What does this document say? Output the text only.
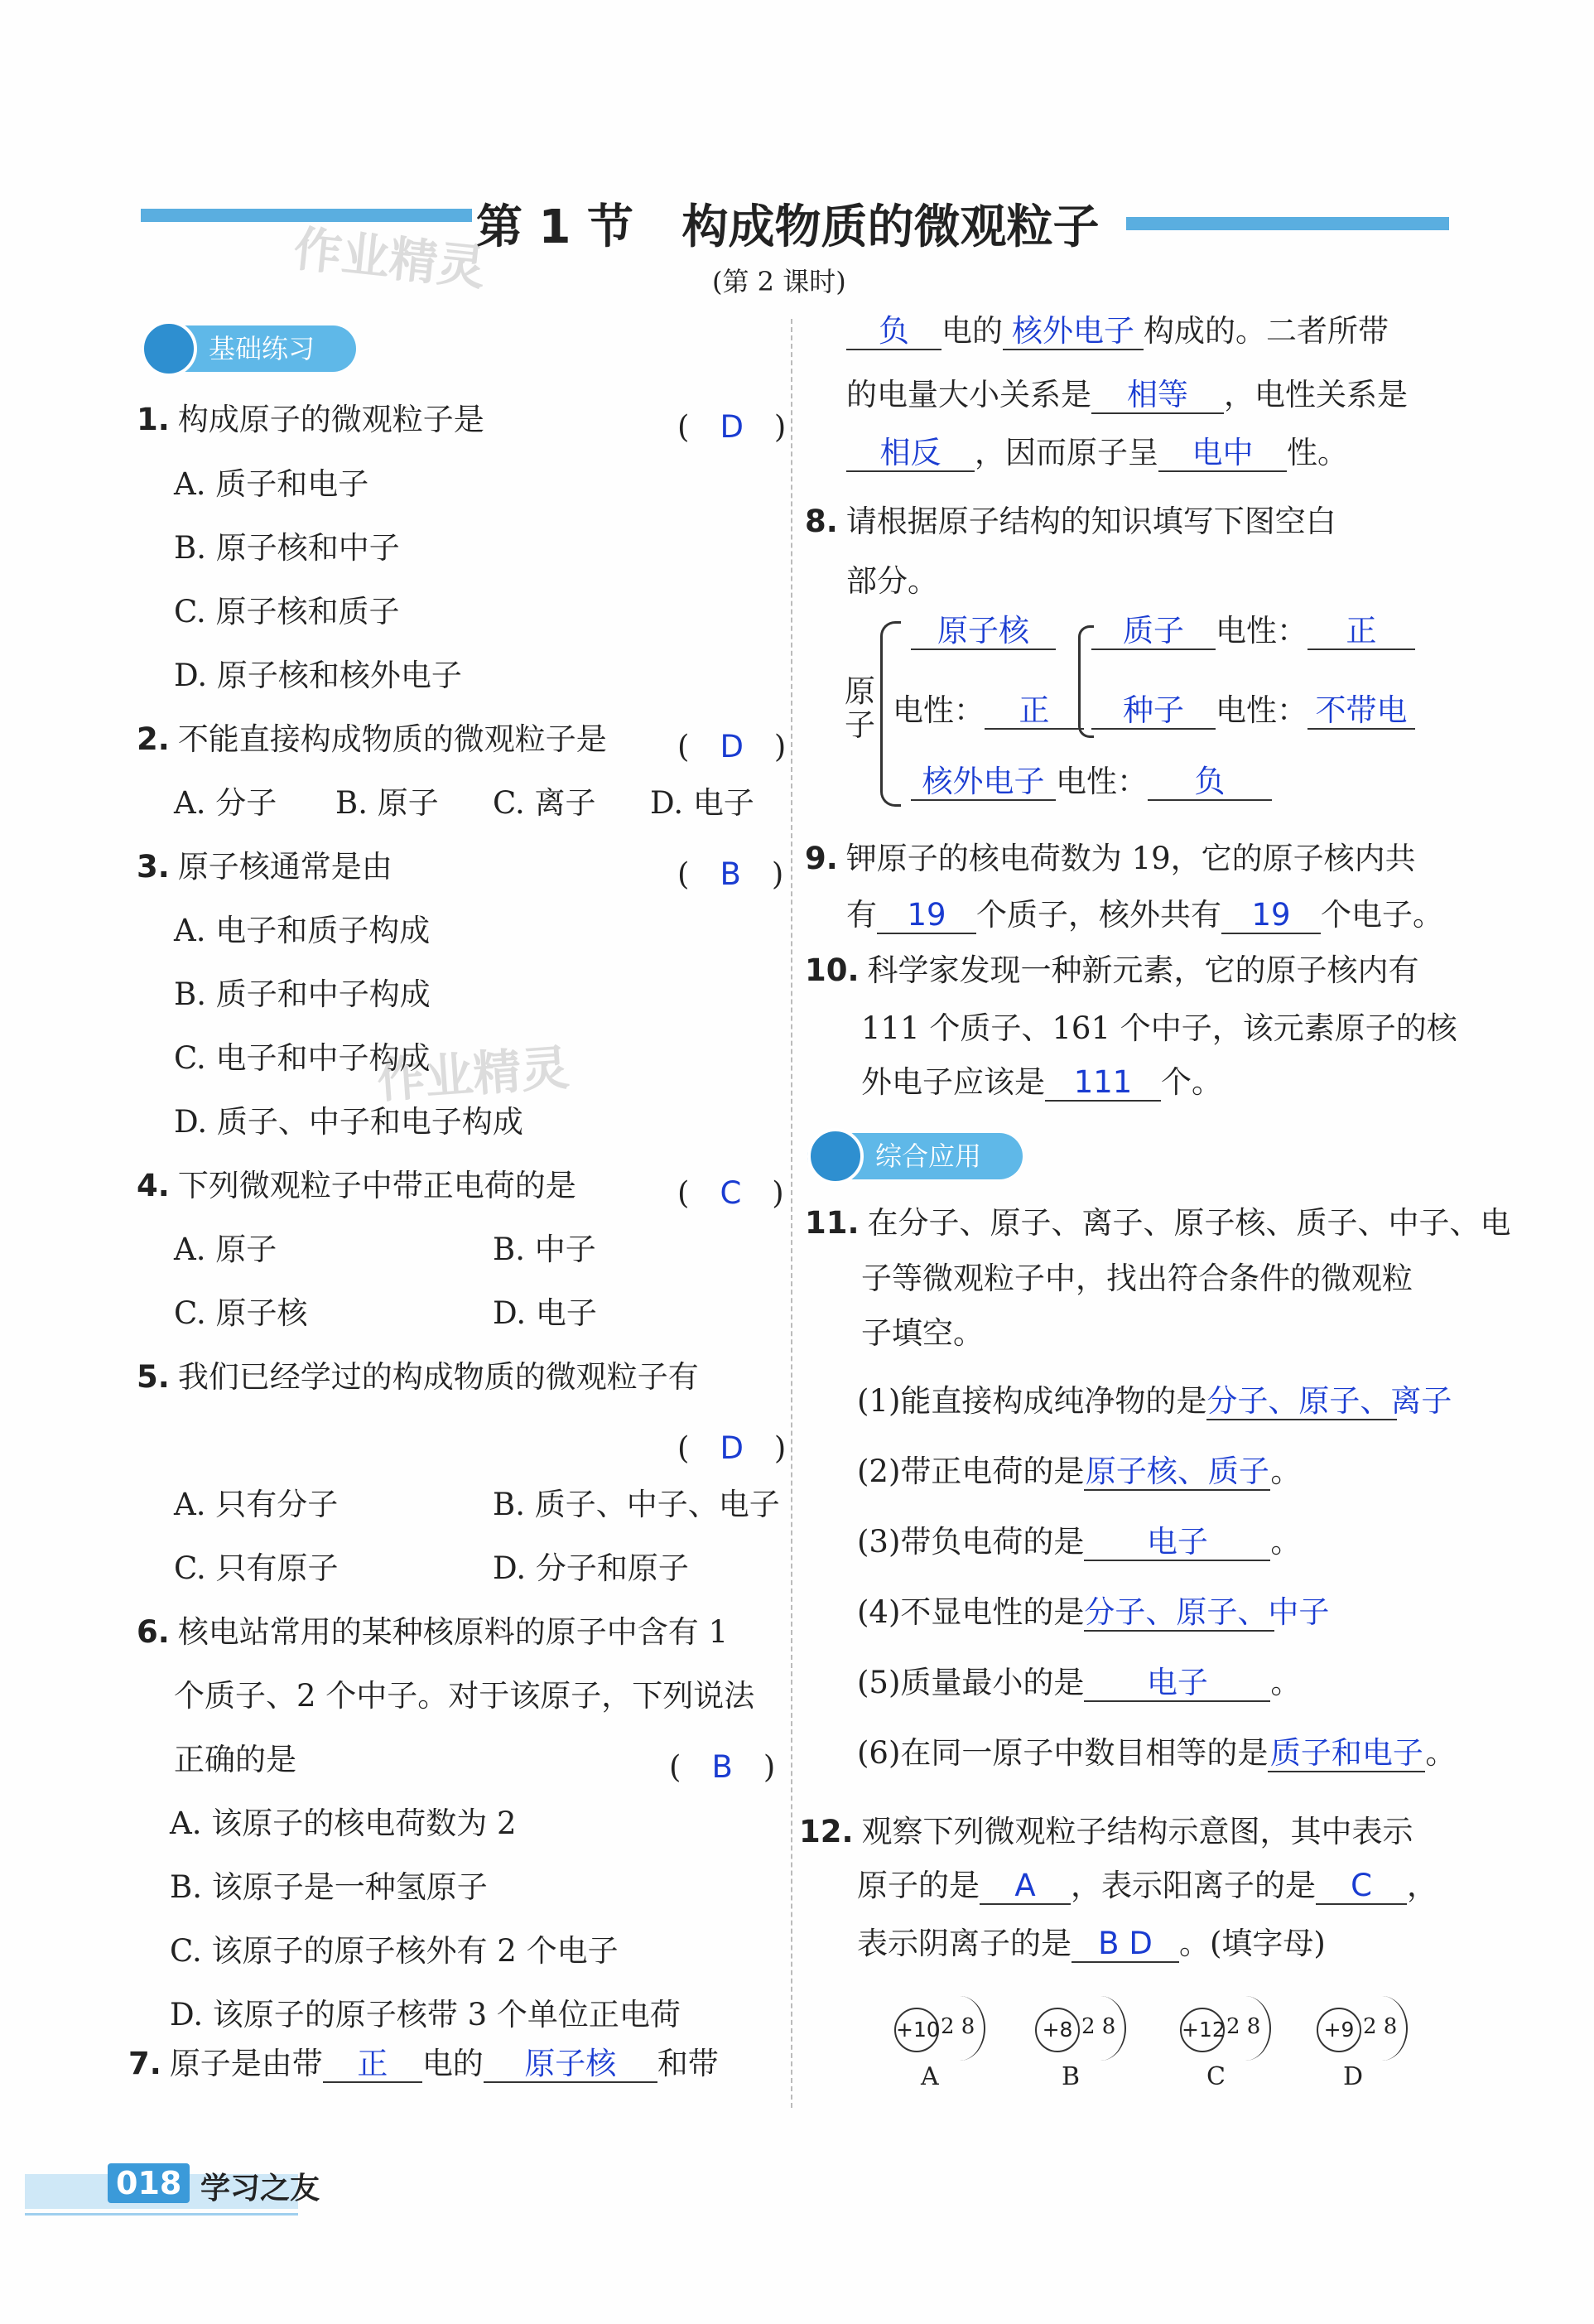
第 1 节   构成物质的微观粒子
(第 2 课时)
作业精灵
作业精灵
基础练习
1. 构成原子的微观粒子是	(　D　)
A. 质子和电子
B. 原子核和中子
C. 原子核和质子
D. 原子核和核外电子
2. 不能直接构成物质的微观粒子是 (　D　)
A. 分子 B. 原子 C. 离子 D. 电子
3. 原子核通常是由	(　B　)
A. 电子和质子构成
B. 质子和中子构成
C. 电子和中子构成
D. 质子、中子和电子构成
4. 下列微观粒子中带正电荷的是	(　C　)
A. 原子	B. 中子
C. 原子核	D. 电子
5. 我们已经学过的构成物质的微观粒子有
(　D　)
A. 只有分子	B. 质子、中子、电子
C. 只有原子	D. 分子和原子
6. 核电站常用的某种核原料的原子中含有 1
个质子、2 个中子。对于该原子，下列说法
正确的是	(　B　)
A. 该原子的核电荷数为 2
B. 该原子是一种氢原子
C. 该原子的原子核外有 2 个电子
D. 该原子的原子核带 3 个单位正电荷
7. 原子是由带 正 电的 原子核 和带
负 电的 核外电子 构成的。二者所带
的电量大小关系是 相等 ，电性关系是
相反 ，因而原子呈 电中 性。
8. 请根据原子结构的知识填写下图空白
部分。
原子
原子核
电性： 正
质子 电性： 正
种子 电性： 不带电
核外电子 电性： 负
9. 钾原子的核电荷数为 19，它的原子核内共
有 19 个质子，核外共有 19 个电子。
10. 科学家发现一种新元素，它的原子核内有
111 个质子、161 个中子，该元素原子的核
外电子应该是 111 个。
综合应用
11. 在分子、原子、离子、原子核、质子、中子、电
子等微观粒子中，找出符合条件的微观粒
子填空。
(1)能直接构成纯净物的是分子、原子、离子
(2)带正电荷的是原子核、质子。
(3)带负电荷的是 电子 。
(4)不显电性的是分子、原子、中子
(5)质量最小的是 电子 。
(6)在同一原子中数目相等的是质子和电子。
12. 观察下列微观粒子结构示意图，其中表示
原子的是 A ，表示阳离子的是 C ，
表示阴离子的是 B D 。(填字母)
+10 2 8
A
+8 2 8
B
+12 2 8
C
+9 2 8
D
018 学习之友
